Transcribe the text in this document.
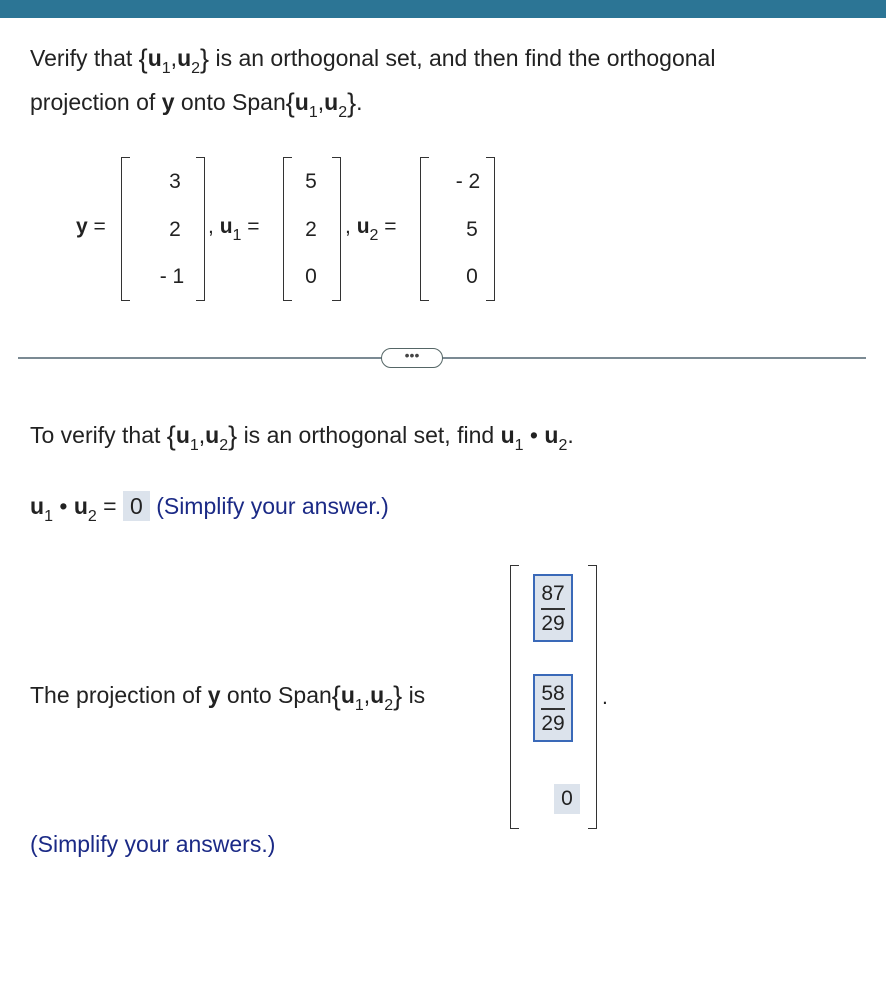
Verify that $\{u_1,u_2\}$ is an orthogonal set, and then find the orthogonal
projection of y onto $Span\{u_1,u_2\}$.
y =
3
2
- 1
, $u_1$ =
5
2
0
, $u_2$ =
- 2
5
0
•••
To verify that $\{u_1,u_2\}$ is an orthogonal set, find $u_1$ • $u_2$.
$u_1$ • $u_2 = 0$ (Simplify your answer.)
The projection of y onto $Span\{u_1,u_2\}$ is
87
29
58
29
0
.
(Simplify your answers.)
